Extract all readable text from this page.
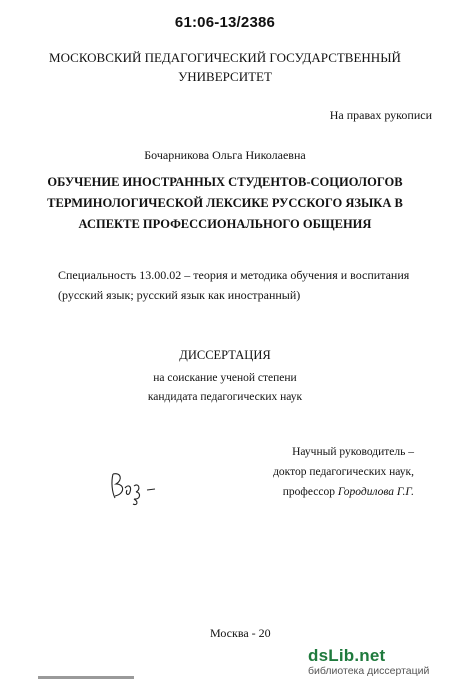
61:06-13/2386
МОСКОВСКИЙ ПЕДАГОГИЧЕСКИЙ ГОСУДАРСТВЕННЫЙ
УНИВЕРСИТЕТ
На правах рукописи
Бочарникова Ольга Николаевна
ОБУЧЕНИЕ ИНОСТРАННЫХ СТУДЕНТОВ-СОЦИОЛОГОВ
ТЕРМИНОЛОГИЧЕСКОЙ ЛЕКСИКЕ РУССКОГО ЯЗЫКА В
АСПЕКТЕ ПРОФЕССИОНАЛЬНОГО ОБЩЕНИЯ
Специальность 13.00.02 – теория и методика обучения и воспитания (русский язык; русский язык как иностранный)
ДИССЕРТАЦИЯ
на соискание ученой степени
кандидата педагогических наук
Научный руководитель –
доктор педагогических наук,
профессор Городилова Г.Г.
Москва - 20
dsLib.net
библиотека диссертаций
